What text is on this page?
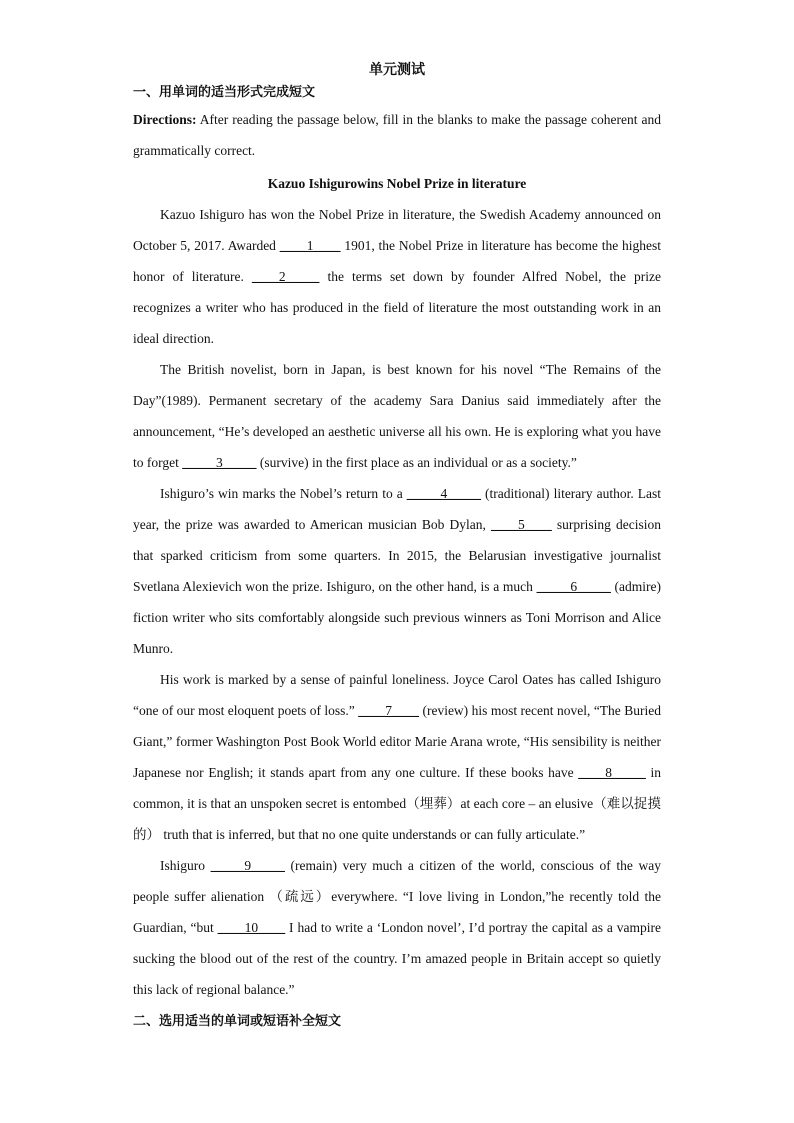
单元测试
一、用单词的适当形式完成短文
Directions: After reading the passage below, fill in the blanks to make the passage coherent and grammatically correct.
Kazuo Ishigurowins Nobel Prize in literature

Kazuo Ishiguro has won the Nobel Prize in literature, the Swedish Academy announced on October 5, 2017. Awarded ____1____ 1901, the Nobel Prize in literature has become the highest honor of literature. ____2_____ the terms set down by founder Alfred Nobel, the prize recognizes a writer who has produced in the field of literature the most outstanding work in an ideal direction.

The British novelist, born in Japan, is best known for his novel “The Remains of the Day”(1989). Permanent secretary of the academy Sara Danius said immediately after the announcement, “He’s developed an aesthetic universe all his own. He is exploring what you have to forget _____3_____ (survive) in the first place as an individual or as a society.”

Ishiguro’s win marks the Nobel’s return to a _____4_____ (traditional) literary author. Last year, the prize was awarded to American musician Bob Dylan, ____5____ surprising decision that sparked criticism from some quarters. In 2015, the Belarusian investigative journalist Svetlana Alexievich won the prize. Ishiguro, on the other hand, is a much _____6_____ (admire) fiction writer who sits comfortably alongside such previous winners as Toni Morrison and Alice Munro.

His work is marked by a sense of painful loneliness. Joyce Carol Oates has called Ishiguro “one of our most eloquent poets of loss.” ____7____ (review) his most recent novel, “The Buried Giant,” former Washington Post Book World editor Marie Arana wrote, “His sensibility is neither Japanese nor English; it stands apart from any one culture. If these books have ____8_____ in common, it is that an unspoken secret is entombed（埋葬）at each core – an elusive（难以捉摸的） truth that is inferred, but that no one quite understands or can fully articulate.”

Ishiguro _____9_____ (remain) very much a citizen of the world, conscious of the way people suffer alienation （疏远）everywhere. “I love living in London,”he recently told the Guardian, “but ____10____ I had to write a ‘London novel’, I’d portray the capital as a vampire sucking the blood out of the rest of the country. I’m amazed people in Britain accept so quietly this lack of regional balance.”

二、选用适当的单词或短语补全短文
